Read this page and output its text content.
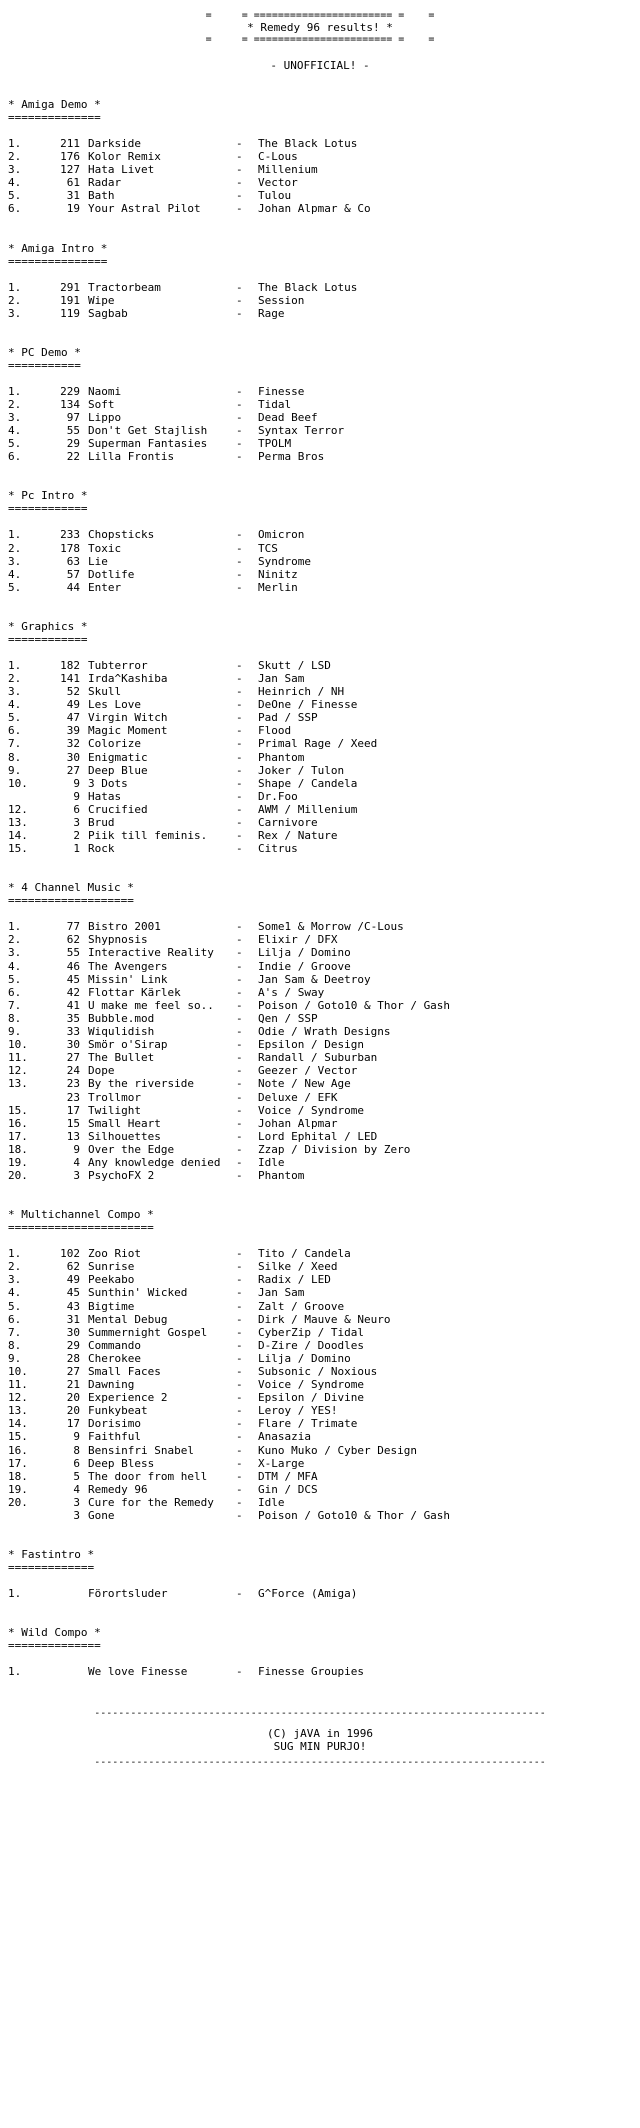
=     = ======================= =    =
* Remedy 96 results! *
=     = ======================= =    =
- UNOFFICIAL! -
* Amiga Demo *
==============
1.	211 Darkside	- The Black Lotus
2.	176 Kolor Remix	- C-Lous
3.	127 Hata Livet	- Millenium
4.	61 Radar	- Vector
5.	31 Bath	- Tulou
6.	19 Your Astral Pilot	- Johan Alpmar & Co
* Amiga Intro *
===============
1.	291 Tractorbeam	- The Black Lotus
2.	191 Wipe	- Session
3.	119 Sagbab	- Rage
* PC Demo *
===========
1.	229 Naomi	- Finesse
2.	134 Soft	- Tidal
3.	97 Lippo	- Dead Beef
4.	55 Don't Get Stajlish	- Syntax Terror
5.	29 Superman Fantasies	- TPOLM
6.	22 Lilla Frontis	- Perma Bros
* Pc Intro *
============
1.	233 Chopsticks	- Omicron
2.	178 Toxic	- TCS
3.	63 Lie	- Syndrome
4.	57 Dotlife	- Ninitz
5.	44 Enter	- Merlin
* Graphics *
============
1.	182 Tubterror	- Skutt / LSD
2.	141 Irda^Kashiba	- Jan Sam
3.	52 Skull	- Heinrich / NH
4.	49 Les Love	- DeOne / Finesse
5.	47 Virgin Witch	- Pad / SSP
6.	39 Magic Moment	- Flood
7.	32 Colorize	- Primal Rage / Xeed
8.	30 Enigmatic	- Phantom
9.	27 Deep Blue	- Joker / Tulon
10.	9 3 Dots	- Shape / Candela
9 Hatas	- Dr.Foo
12.	6 Crucified	- AWM / Millenium
13.	3 Brud	- Carnivore
14.	2 Piik till feminis.	- Rex / Nature
15.	1 Rock	- Citrus
* 4 Channel Music *
===================
1.	77 Bistro 2001	- Some1 & Morrow /C-Lous
2.	62 Shypnosis	- Elixir / DFX
3.	55 Interactive Reality - Lilja / Domino
4.	46 The Avengers	- Indie / Groove
5.	45 Missin' Link	- Jan Sam & Deetroy
6.	42 Flottar Kärlek	- A's / Sway
7.	41 U make me feel so.. - Poison / Goto10 & Thor / Gash
8.	35 Bubble.mod	- Qen / SSP
9.	33 Wiqulidish	- Odie / Wrath Designs
10.	30 Smör o'Sirap	- Epsilon / Design
11.	27 The Bullet	- Randall / Suburban
12.	24 Dope	- Geezer / Vector
13.	23 By the riverside	- Note / New Age
23 Trollmor	- Deluxe / EFK
15.	17 Twilight	- Voice / Syndrome
16.	15 Small Heart	- Johan Alpmar
17.	13 Silhouettes	- Lord Ephital / LED
18.	9 Over the Edge	- Zzap / Division by Zero
19.	4 Any knowledge denied - Idle
20.	3 PsychoFX 2	- Phantom
* Multichannel Compo *
======================
1.	102 Zoo Riot	- Tito / Candela
2.	62 Sunrise	- Silke / Xeed
3.	49 Peekabo	- Radix / LED
4.	45 Sunthin' Wicked	- Jan Sam
5.	43 Bigtime	- Zalt / Groove
6.	31 Mental Debug	- Dirk / Mauve & Neuro
7.	30 Summernight Gospel	- CyberZip / Tidal
8.	29 Commando	- D-Zire / Doodles
9.	28 Cherokee	- Lilja / Domino
10.	27 Small Faces	- Subsonic / Noxious
11.	21 Dawning	- Voice / Syndrome
12.	20 Experience 2	- Epsilon / Divine
13.	20 Funkybeat	- Leroy / YES!
14.	17 Dorisimo	- Flare / Trimate
15.	9 Faithful	- Anasazia
16.	8 Bensinfri Snabel	- Kuno Muko / Cyber Design
17.	6 Deep Bless	- X-Large
18.	5 The door from hell	- DTM / MFA
19.	4 Remedy 96	- Gin / DCS
20.	3 Cure for the Remedy - Idle
3 Gone	- Poison / Goto10 & Thor / Gash
* Fastintro *
=============
1.	Förortsluder	- G^Force (Amiga)
* Wild Compo *
==============
1.	We love Finesse	- Finesse Groupies
---------------------------------------------------------------------------
(C) jAVA in 1996
SUG MIN PURJO!
---------------------------------------------------------------------------
